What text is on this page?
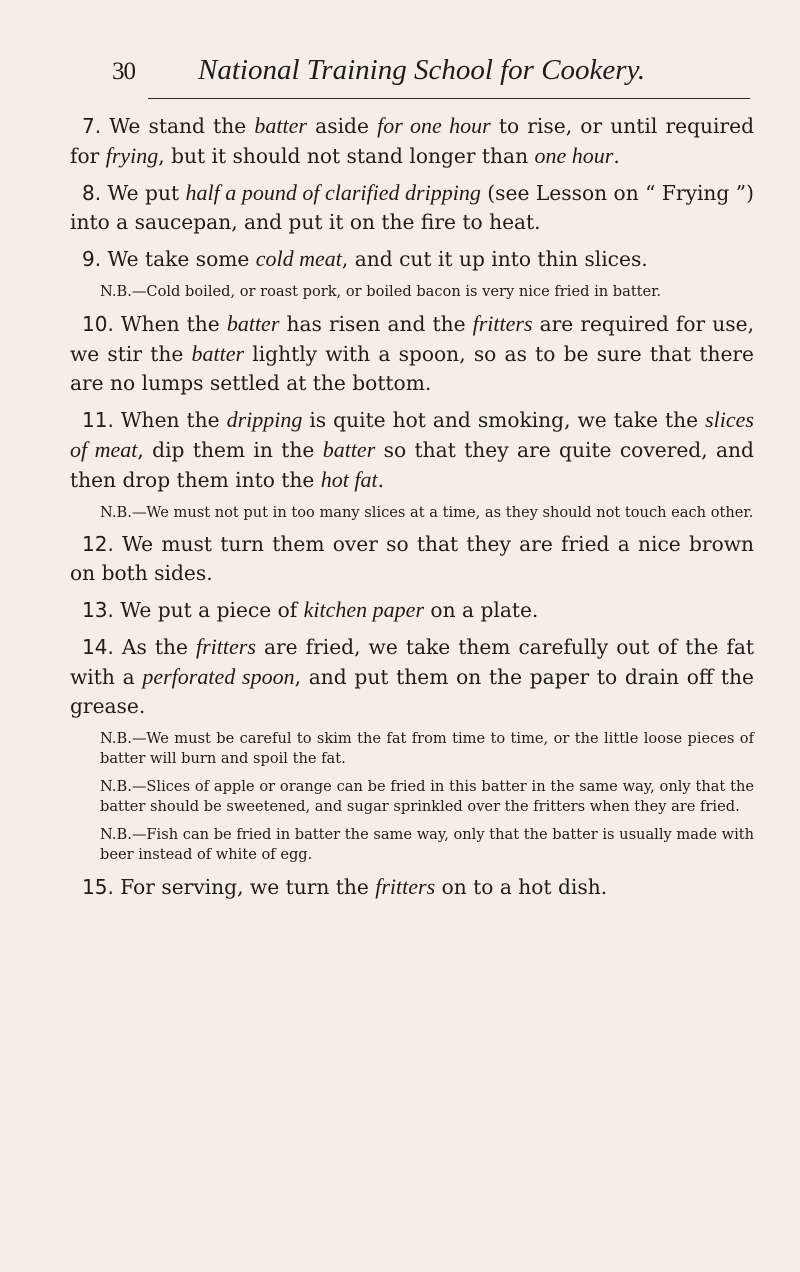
30 National Training School for Cookery.

7. We stand the batter aside for one hour to rise, or until required for frying, but it should not stand longer than one hour.

8. We put half a pound of clarified dripping (see Lesson on “ Frying ”) into a saucepan, and put it on the fire to heat.

9. We take some cold meat, and cut it up into thin slices.

N.B.—Cold boiled, or roast pork, or boiled bacon is very nice fried in batter.

10. When the batter has risen and the fritters are required for use, we stir the batter lightly with a spoon, so as to be sure that there are no lumps settled at the bottom.

11. When the dripping is quite hot and smoking, we take the slices of meat, dip them in the batter so that they are quite covered, and then drop them into the hot fat.

N.B.—We must not put in too many slices at a time, as they should not touch each other.

12. We must turn them over so that they are fried a nice brown on both sides.

13. We put a piece of kitchen paper on a plate.

14. As the fritters are fried, we take them carefully out of the fat with a perforated spoon, and put them on the paper to drain off the grease.

N.B.—We must be careful to skim the fat from time to time, or the little loose pieces of batter will burn and spoil the fat.

N.B.—Slices of apple or orange can be fried in this batter in the same way, only that the batter should be sweetened, and sugar sprinkled over the fritters when they are fried.

N.B.—Fish can be fried in batter the same way, only that the batter is usually made with beer instead of white of egg.

15. For serving, we turn the fritters on to a hot dish.
